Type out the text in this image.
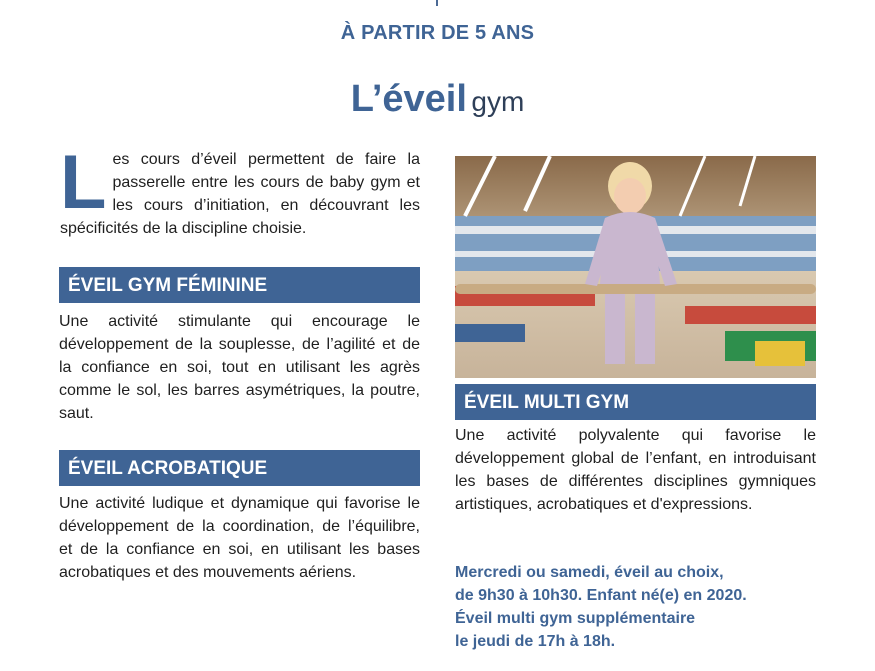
À PARTIR DE 5 ANS
L’éveil gym
L es cours d’éveil permettent de faire la passerelle entre les cours de baby gym et les cours d’initiation, en découvrant les spécificités de la discipline choisie.

ÉVEIL GYM FÉMININE

Une activité stimulante qui encourage le développement de la souplesse, de l’agilité et de la confiance en soi, tout en utilisant les agrès comme le sol, les barres asymétriques, la poutre, saut.

ÉVEIL ACROBATIQUE

Une activité ludique et dynamique qui favorise le développement de la coordination, de l’équilibre, et de la confiance en soi, en utilisant les bases acrobatiques et des mouvements aériens.

ÉVEIL MULTI GYM

Une activité polyvalente qui favorise le développement global de l’enfant, en introduisant les bases de différentes disciplines gymniques artistiques, acrobatiques et d'expressions.

Mercredi ou samedi, éveil au choix,
de 9h30 à 10h30. Enfant né(e) en 2020.
Éveil multi gym supplémentaire
le jeudi de 17h à 18h.
